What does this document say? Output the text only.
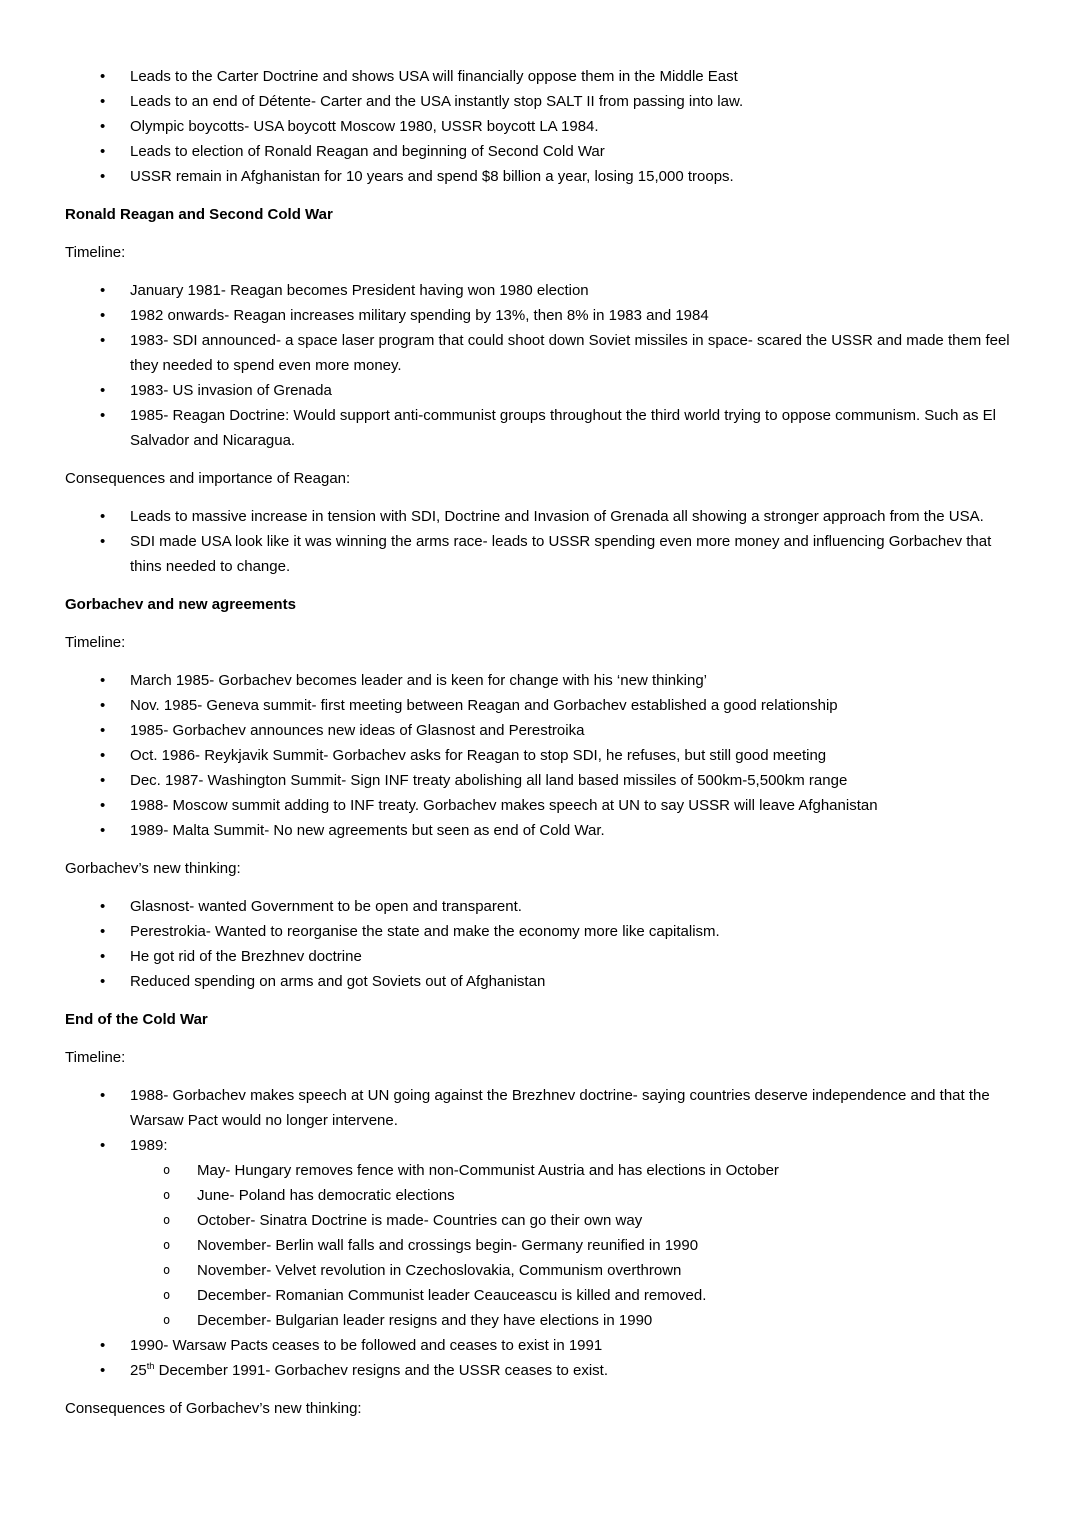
•	Leads to the Carter Doctrine and shows USA will financially oppose them in the Middle East
•	Leads to an end of Détente- Carter and the USA instantly stop SALT II from passing into law.
•	Olympic boycotts- USA boycott Moscow 1980, USSR boycott LA 1984.
•	Leads to election of Ronald Reagan and beginning of Second Cold War
•	USSR remain in Afghanistan for 10 years and spend $8 billion a year, losing 15,000 troops.

Ronald Reagan and Second Cold War

Timeline:

•	January 1981- Reagan becomes President having won 1980 election
•	1982 onwards- Reagan increases military spending by 13%, then 8% in 1983 and 1984
•	1983- SDI announced- a space laser program that could shoot down Soviet missiles in space- scared the USSR and made them feel they needed to spend even more money.
•	1983- US invasion of Grenada
•	1985- Reagan Doctrine: Would support anti-communist groups throughout the third world trying to oppose communism. Such as El Salvador and Nicaragua.

Consequences and importance of Reagan:

•	Leads to massive increase in tension with SDI, Doctrine and Invasion of Grenada all showing a stronger approach from the USA.
•	SDI made USA look like it was winning the arms race- leads to USSR spending even more money and influencing Gorbachev that thins needed to change.

Gorbachev and new agreements

Timeline:

•	March 1985- Gorbachev becomes leader and is keen for change with his ‘new thinking’
•	Nov. 1985- Geneva summit- first meeting between Reagan and Gorbachev established a good relationship
•	1985- Gorbachev announces new ideas of Glasnost and Perestroika
•	Oct. 1986- Reykjavik Summit- Gorbachev asks for Reagan to stop SDI, he refuses, but still good meeting
•	Dec. 1987- Washington Summit- Sign INF treaty abolishing all land based missiles of 500km-5,500km range
•	1988- Moscow summit adding to INF treaty. Gorbachev makes speech at UN to say USSR will leave Afghanistan
•	1989- Malta Summit- No new agreements but seen as end of Cold War.

Gorbachev’s new thinking:

•	Glasnost- wanted Government to be open and transparent.
•	Perestrokia- Wanted to reorganise the state and make the economy more like capitalism.
•	He got rid of the Brezhnev doctrine
•	Reduced spending on arms and got Soviets out of Afghanistan

End of the Cold War

Timeline:

•	1988- Gorbachev makes speech at UN going against the Brezhnev doctrine- saying countries deserve independence and that the Warsaw Pact would no longer intervene.
•	1989:
o	May- Hungary removes fence with non-Communist Austria and has elections in October
o	June- Poland has democratic elections
o	October- Sinatra Doctrine is made- Countries can go their own way
o	November- Berlin wall falls and crossings begin- Germany reunified in 1990
o	November- Velvet revolution in Czechoslovakia, Communism overthrown
o	December- Romanian Communist leader Ceauceascu is killed and removed.
o	December- Bulgarian leader resigns and they have elections in 1990
•	1990- Warsaw Pacts ceases to be followed and ceases to exist in 1991
•	25th December 1991- Gorbachev resigns and the USSR ceases to exist.

Consequences of Gorbachev’s new thinking:
